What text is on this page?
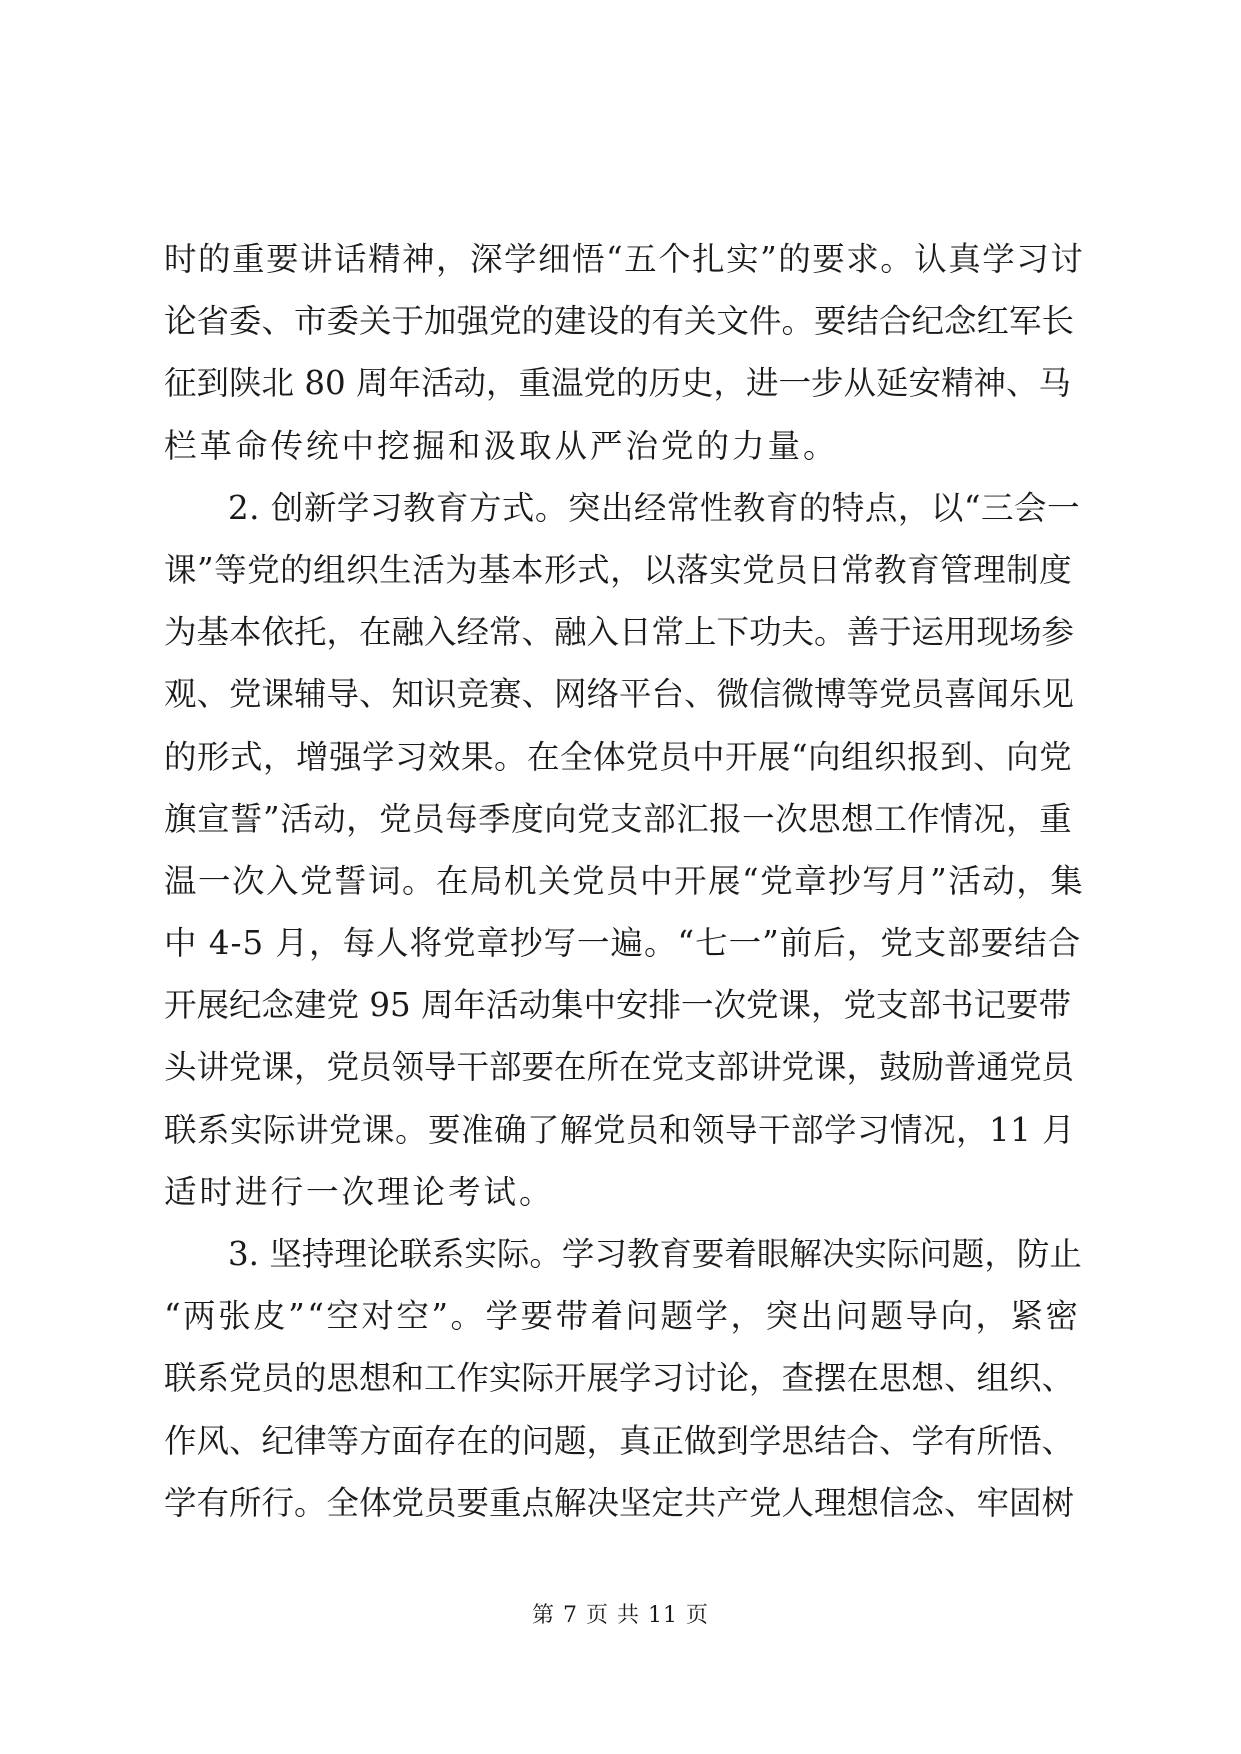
时的重要讲话精神，深学细悟“五个扎实”的要求。认真学习讨
论省委、市委关于加强党的建设的有关文件。要结合纪念红军长
征到陕北 80 周年活动，重温党的历史，进一步从延安精神、马
栏革命传统中挖掘和汲取从严治党的力量。
2. 创新学习教育方式。突出经常性教育的特点，以“三会一
课”等党的组织生活为基本形式，以落实党员日常教育管理制度
为基本依托，在融入经常、融入日常上下功夫。善于运用现场参
观、党课辅导、知识竞赛、网络平台、微信微博等党员喜闻乐见
的形式，增强学习效果。在全体党员中开展“向组织报到、向党
旗宣誓”活动，党员每季度向党支部汇报一次思想工作情况，重
温一次入党誓词。在局机关党员中开展“党章抄写月”活动，集
中 4-5 月，每人将党章抄写一遍。“七一”前后，党支部要结合
开展纪念建党 95 周年活动集中安排一次党课，党支部书记要带
头讲党课，党员领导干部要在所在党支部讲党课，鼓励普通党员
联系实际讲党课。要准确了解党员和领导干部学习情况，11 月
适时进行一次理论考试。
3. 坚持理论联系实际。学习教育要着眼解决实际问题，防止
“两张皮”“空对空”。学要带着问题学，突出问题导向，紧密
联系党员的思想和工作实际开展学习讨论，查摆在思想、组织、
作风、纪律等方面存在的问题，真正做到学思结合、学有所悟、
学有所行。全体党员要重点解决坚定共产党人理想信念、牢固树
第 7 页 共 11 页
